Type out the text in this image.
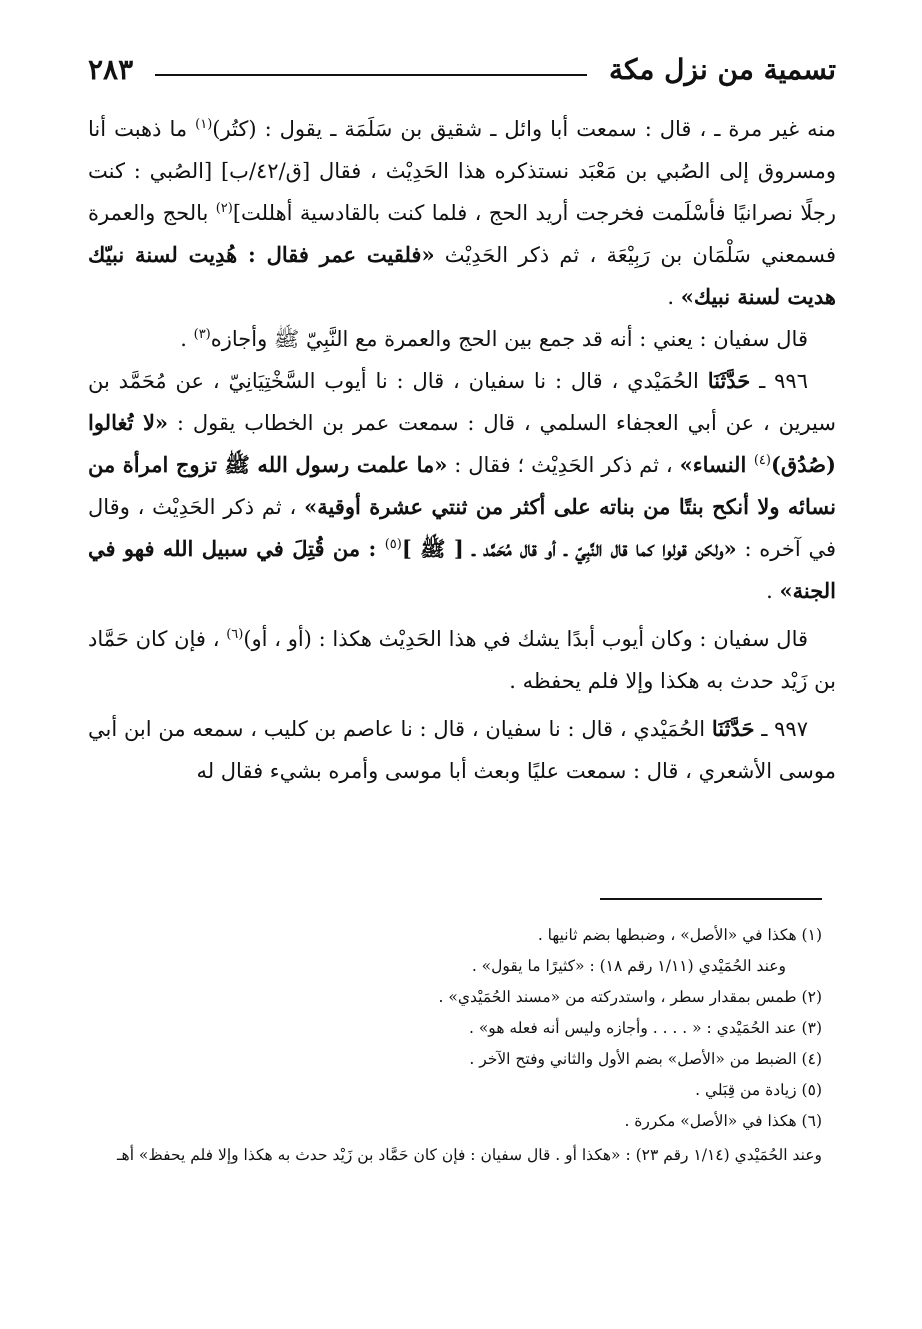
تسمية من نزل مكة
٢٨٣

منه غير مرة ـ ، قال : سمعت أبا وائل ـ شقيق بن سَلَمَة ـ يقول : (كتُر)$^{(١)}$ ما ذهبت أنا ومسروق إلى الصُبي بن مَعْبَد نستذكره هذا الحَدِيْث ، فقال [ق/٤٢/ب] [الصُبي : كنت رجلًا نصرانيًا فأسْلَمت فخرجت أريد الحج ، فلما كنت بالقادسية أهللت]$^{(٢)}$ بالحج والعمرة فسمعني سَلْمَان بن رَبِيْعَة ، ثم ذكر الحَدِيْث «فلقيت عمر فقال : هُدِيت لسنة نبيّك هديت لسنة نبيك» .

قال سفيان : يعني : أنه قد جمع بين الحج والعمرة مع النَّبِيّ ﷺ وأجازه$^{(٣)}$ .

٩٩٦ ـ حَدَّثَنَا الحُمَيْدي ، قال : نا سفيان ، قال : نا أيوب السَّخْتِيَانِيّ ، عن مُحَمَّد بن سيرين ، عن أبي العجفاء السلمي ، قال : سمعت عمر بن الخطاب يقول : «لا تُغالوا (صُدُق)$^{(٤)}$ النساء» ، ثم ذكر الحَدِيْث ؛ فقال : «ما علمت رسول الله ﷺ تزوج امرأة من نسائه ولا أنكح بنتًا من بناته على أكثر من ثنتي عشرة أوقية» ، ثم ذكر الحَدِيْث ، وقال في آخره : «ولكن قولوا كما قال النَّبِيّ ـ أو قال مُحَمَّد ـ [ ﷺ ]$^{(٥)}$ : من قُتِلَ في سبيل الله فهو في الجنة» .

قال سفيان : وكان أيوب أبدًا يشك في هذا الحَدِيْث هكذا : (أو ، أو)$^{(٦)}$ ، فإن كان حَمَّاد بن زَيْد حدث به هكذا وإلا فلم يحفظه .

٩٩٧ ـ حَدَّثَنَا الحُمَيْدي ، قال : نا سفيان ، قال : نا عاصم بن كليب ، سمعه من ابن أبي موسى الأشعري ، قال : سمعت عليًا وبعث أبا موسى وأمره بشيء فقال له

(١) هكذا في «الأصل» ، وضبطها بضم ثانيها .

وعند الحُمَيْدي (١/١١ رقم ١٨) : «كثيرًا ما يقول» .

(٢) طمس بمقدار سطر ، واستدركته من «مسند الحُمَيْدي» .

(٣) عند الحُمَيْدي : « . . . . وأجازه وليس أنه فعله هو» .

(٤) الضبط من «الأصل» بضم الأول والثاني وفتح الآخر .

(٥) زيادة من قِبَلي .

(٦) هكذا في «الأصل» مكررة .

وعند الحُمَيْدي (١/١٤ رقم ٢٣) : «هكذا أو . قال سفيان : فإن كان حَمَّاد بن زَيْد حدث به هكذا وإلا فلم يحفظ» أهـ
